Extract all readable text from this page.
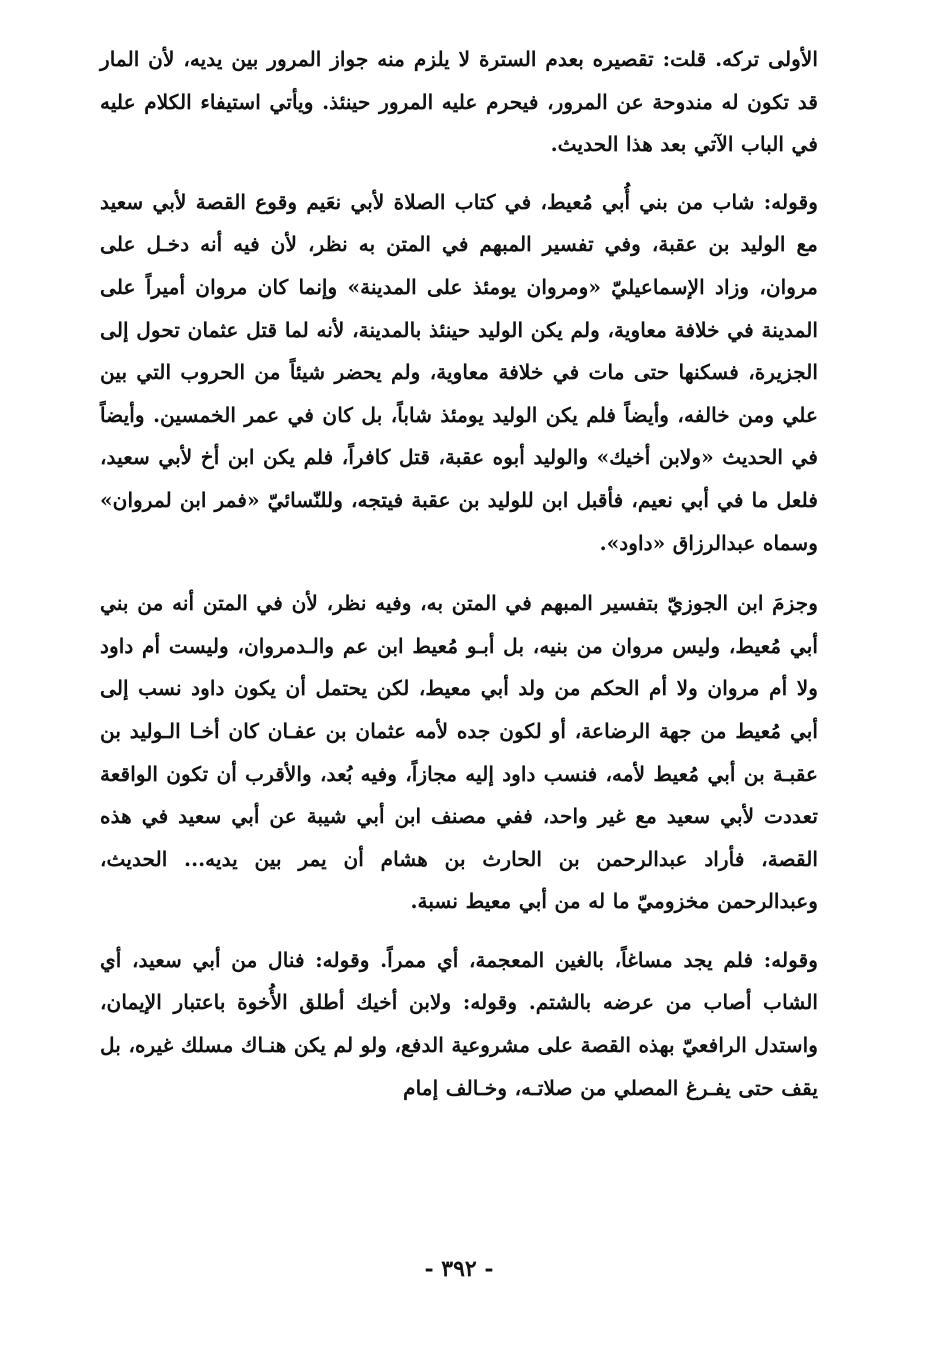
الأولى تركه. قلت: تقصيره بعدم السترة لا يلزم منه جواز المرور بين يديه، لأن المار قد تكون له مندوحة عن المرور، فيحرم عليه المرور حينئذ. ويأتي استيفاء الكلام عليه في الباب الآتي بعد هذا الحديث.

وقوله: شاب من بني أُبي مُعيط، في كتاب الصلاة لأبي نعَيم وقوع القصة لأبي سعيد مع الوليد بن عقبة، وفي تفسير المبهم في المتن به نظر، لأن فيه أنه دخـل على مروان، وزاد الإسماعيليّ «ومروان يومئذ على المدينة» وإنما كان مروان أميراً على المدينة في خلافة معاوية، ولم يكن الوليد حينئذ بالمدينة، لأنه لما قتل عثمان تحول إلى الجزيرة، فسكنها حتى مات في خلافة معاوية، ولم يحضر شيئاً من الحروب التي بين علي ومن خالفه، وأيضاً فلم يكن الوليد يومئذ شاباً، بل كان في عمر الخمسين. وأيضاً في الحديث «ولابن أخيك» والوليد أبوه عقبة، قتل كافراً، فلم يكن ابن أخ لأبي سعيد، فلعل ما في أبي نعيم، فأقبل ابن للوليد بن عقبة فيتجه، وللنّسائيّ «فمر ابن لمروان» وسماه عبدالرزاق «داود».

وجزمَ ابن الجوزيّ بتفسير المبهم في المتن به، وفيه نظر، لأن في المتن أنه من بني أبي مُعيط، وليس مروان من بنيه، بل أبـو مُعيط ابن عم والـدمروان، وليست أم داود ولا أم مروان ولا أم الحكم من ولد أبي معيط، لكن يحتمل أن يكون داود نسب إلى أبي مُعيط من جهة الرضاعة، أو لكون جده لأمه عثمان بن عفـان كان أخـا الـوليد بن عقبـة بن أبي مُعيط لأمه، فنسب داود إليه مجازاً، وفيه بُعد، والأقرب أن تكون الواقعة تعددت لأبي سعيد مع غير واحد، ففي مصنف ابن أبي شيبة عن أبي سعيد في هذه القصة، فأراد عبدالرحمن بن الحارث بن هشام أن يمر بين يديه... الحديث، وعبدالرحمن مخزوميّ ما له من أبي معيط نسبة.

وقوله: فلم يجد مساغاً، بالغين المعجمة، أي ممراً. وقوله: فنال من أبي سعيد، أي الشاب أصاب من عرضه بالشتم. وقوله: ولابن أخيك أطلق الأُخوة باعتبار الإيمان، واستدل الرافعيّ بهذه القصة على مشروعية الدفع، ولو لم يكن هنـاك مسلك غيره، بل يقف حتى يفـرغ المصلي من صلاتـه، وخـالف إمام

- ٣٩٢ -
